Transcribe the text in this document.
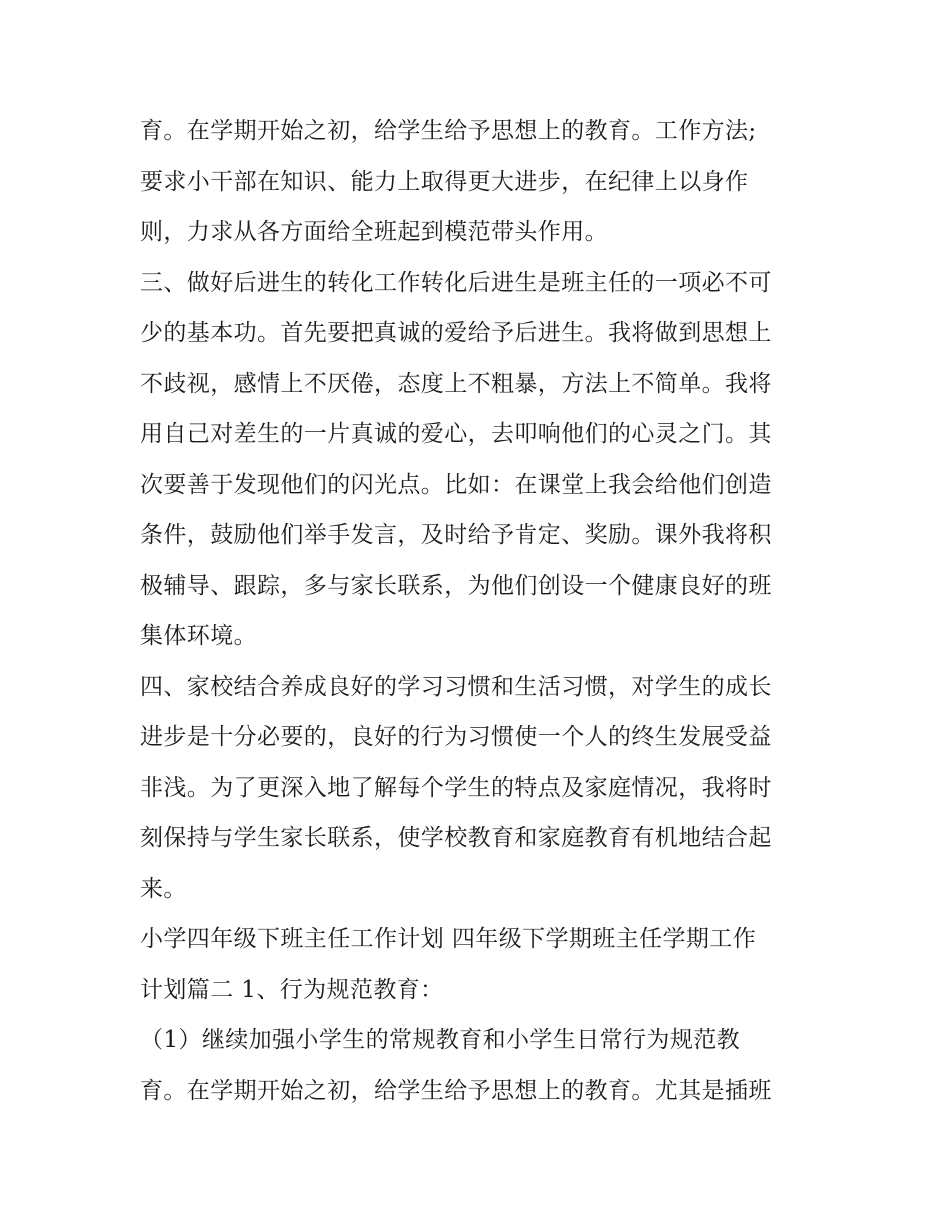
育。在学期开始之初，给学生给予思想上的教育。工作方法;
要求小干部在知识、能力上取得更大进步，在纪律上以身作
则，力求从各方面给全班起到模范带头作用。
三、做好后进生的转化工作转化后进生是班主任的一项必不可
少的基本功。首先要把真诚的爱给予后进生。我将做到思想上
不歧视，感情上不厌倦，态度上不粗暴，方法上不简单。我将
用自己对差生的一片真诚的爱心，去叩响他们的心灵之门。其
次要善于发现他们的闪光点。比如：在课堂上我会给他们创造
条件，鼓励他们举手发言，及时给予肯定、奖励。课外我将积
极辅导、跟踪，多与家长联系，为他们创设一个健康良好的班
集体环境。
四、家校结合养成良好的学习习惯和生活习惯，对学生的成长
进步是十分必要的，良好的行为习惯使一个人的终生发展受益
非浅。为了更深入地了解每个学生的特点及家庭情况，我将时
刻保持与学生家长联系，使学校教育和家庭教育有机地结合起
来。
小学四年级下班主任工作计划 四年级下学期班主任学期工作
计划篇二 1、行为规范教育：
（1）继续加强小学生的常规教育和小学生日常行为规范教
育。在学期开始之初，给学生给予思想上的教育。尤其是插班
